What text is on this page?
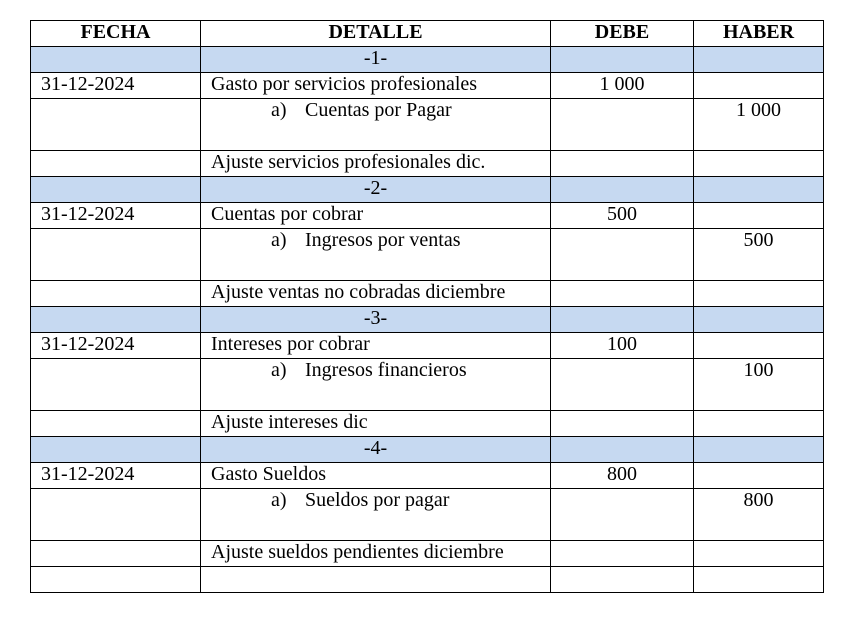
FECHA	DETALLE	DEBE	HABER
	-1-		
31-12-2024	Gasto por servicios profesionales	1 000	
	a) Cuentas por Pagar		1 000
	Ajuste servicios profesionales dic.		
	-2-		
31-12-2024	Cuentas por cobrar	500	
	a) Ingresos por ventas		500
	Ajuste ventas no cobradas diciembre		
	-3-		
31-12-2024	Intereses por cobrar	100	
	a) Ingresos financieros		100
	Ajuste intereses dic		
	-4-		
31-12-2024	Gasto Sueldos	800	
	a) Sueldos por pagar		800
	Ajuste sueldos pendientes diciembre		
